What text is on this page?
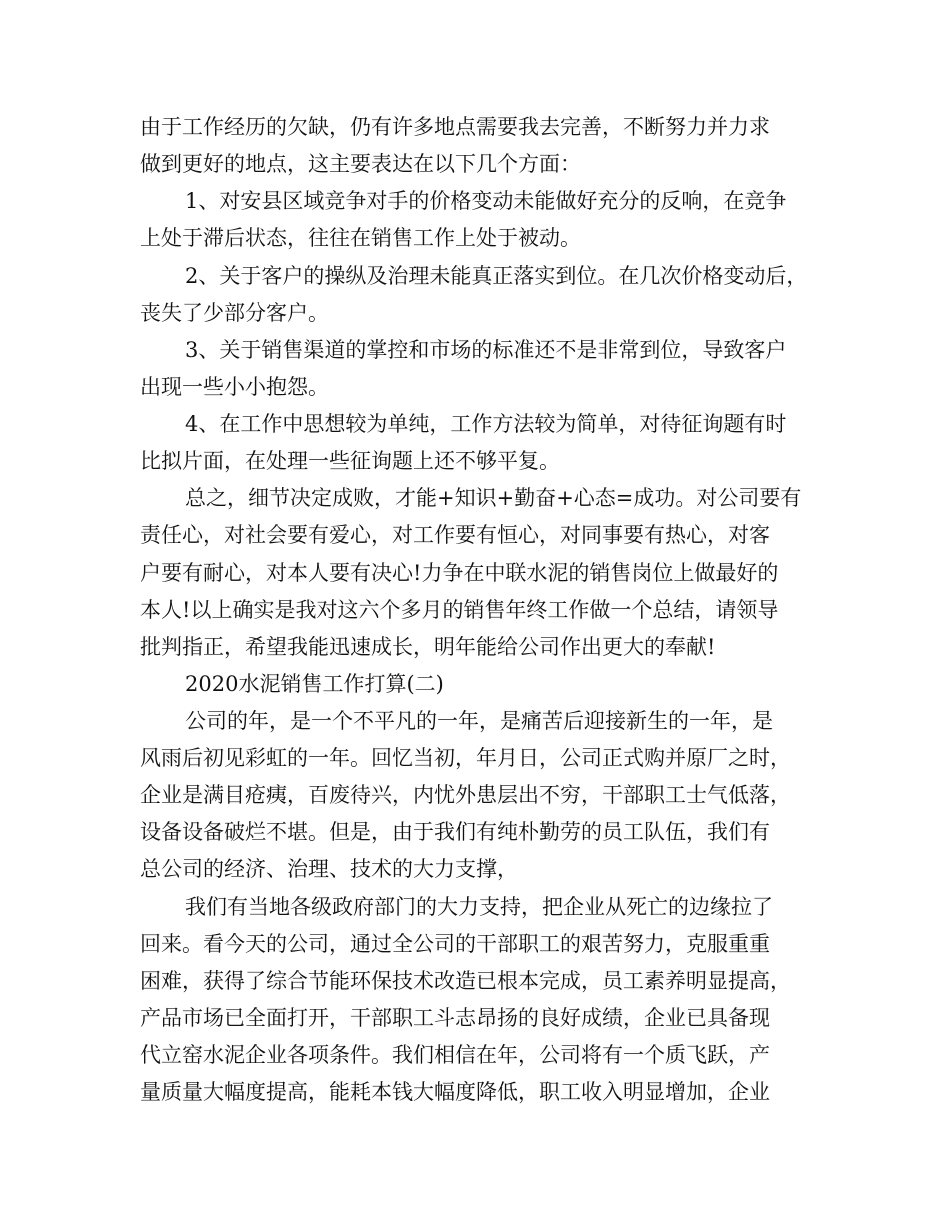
由于工作经历的欠缺，仍有许多地点需要我去完善，不断努力并力求
做到更好的地点，这主要表达在以下几个方面：
1、对安县区域竞争对手的价格变动未能做好充分的反响，在竞争
上处于滞后状态，往往在销售工作上处于被动。
2、关于客户的操纵及治理未能真正落实到位。在几次价格变动后，
丧失了少部分客户。
3、关于销售渠道的掌控和市场的标准还不是非常到位，导致客户
出现一些小小抱怨。
4、在工作中思想较为单纯，工作方法较为简单，对待征询题有时
比拟片面，在处理一些征询题上还不够平复。
总之，细节决定成败，才能+知识+勤奋+心态=成功。对公司要有
责任心，对社会要有爱心，对工作要有恒心，对同事要有热心，对客
户要有耐心，对本人要有决心!力争在中联水泥的销售岗位上做最好的
本人!以上确实是我对这六个多月的销售年终工作做一个总结，请领导
批判指正，希望我能迅速成长，明年能给公司作出更大的奉献!
2020水泥销售工作打算(二)
公司的年，是一个不平凡的一年，是痛苦后迎接新生的一年，是
风雨后初见彩虹的一年。回忆当初，年月日，公司正式购并原厂之时，
企业是满目疮痍，百废待兴，内忧外患层出不穷，干部职工士气低落，
设备设备破烂不堪。但是，由于我们有纯朴勤劳的员工队伍，我们有
总公司的经济、治理、技术的大力支撑，
我们有当地各级政府部门的大力支持，把企业从死亡的边缘拉了
回来。看今天的公司，通过全公司的干部职工的艰苦努力，克服重重
困难，获得了综合节能环保技术改造已根本完成，员工素养明显提高，
产品市场已全面打开，干部职工斗志昂扬的良好成绩，企业已具备现
代立窑水泥企业各项条件。我们相信在年，公司将有一个质飞跃，产
量质量大幅度提高，能耗本钱大幅度降低，职工收入明显增加，企业
